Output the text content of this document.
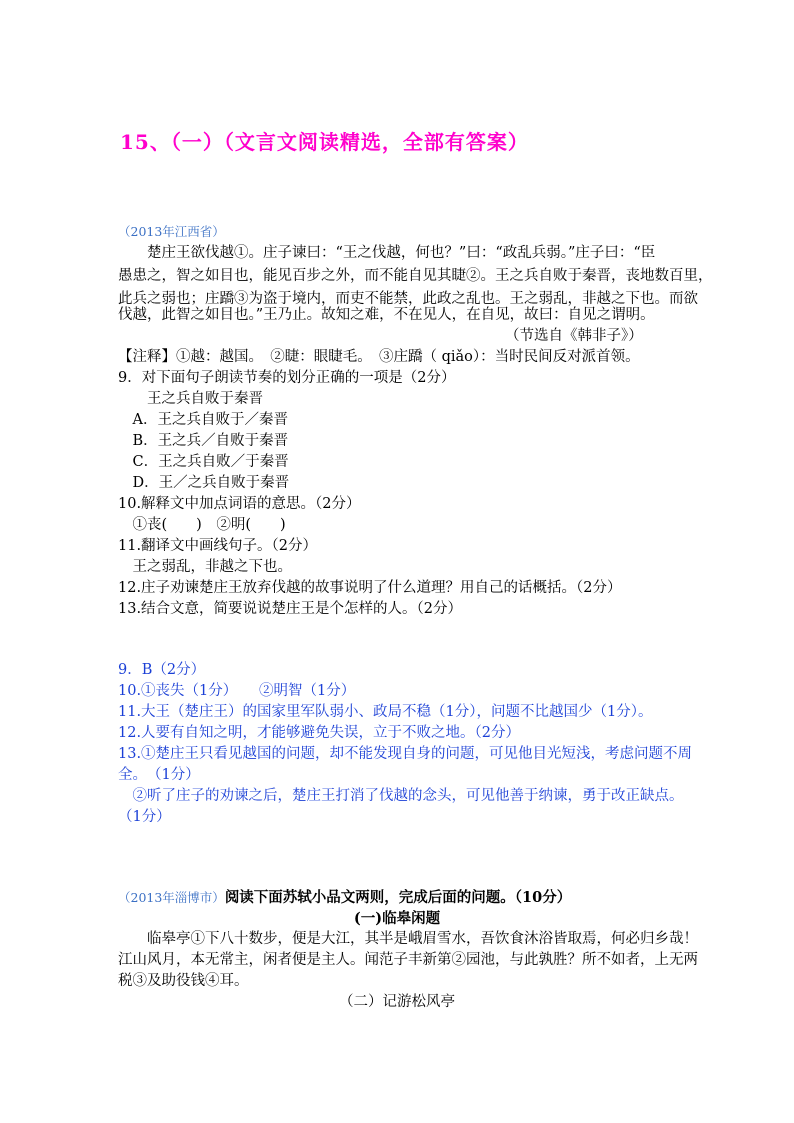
15、（一）（文言文阅读精选，全部有答案）
（2013年江西省）
　　楚庄王欲伐越①。庄子谏曰：“王之伐越，何也？”曰：“政乱兵弱。”庄子曰：“臣
愚患之，智之如目也，能见百步之外，而不能自见其睫②。王之兵自败于秦晋，丧地数百里，
此兵之弱也；庄蹻③为盗于境内，而吏不能禁，此政之乱也。王之弱乱，非越之下也。而欲
伐越，此智之如目也。”王乃止。故知之难，不在见人，在自见，故曰：自见之谓明。
（节选自《韩非子》）
【注释】①越：越国。　②睫：眼睫毛。　③庄蹻（ qiǎo）：当时民间反对派首领。
9．对下面句子朗读节奏的划分正确的一项是（2分）
　　王之兵自败于秦晋
　A．王之兵自败于／秦晋
　B．王之兵／自败于秦晋
　C．王之兵自败／于秦晋
　D．王／之兵自败于秦晋
10.解释文中加点词语的意思。（2分）
　①丧(　　)　②明(　　)
11.翻译文中画线句子。（2分）
　王之弱乱，非越之下也。
12.庄子劝谏楚庄王放弃伐越的故事说明了什么道理？用自己的话概括。（2分）
13.结合文意，简要说说楚庄王是个怎样的人。（2分）
9．B（2分）
10.①丧失（1分）　　②明智（1分）
11.大王（楚庄王）的国家里军队弱小、政局不稳（1分），问题不比越国少（1分）。
12.人要有自知之明，才能够避免失误，立于不败之地。（2分）
13.①楚庄王只看见越国的问题，却不能发现自身的问题，可见他目光短浅，考虑问题不周
全。　（1分）
　②听了庄子的劝谏之后，楚庄王打消了伐越的念头，可见他善于纳谏，勇于改正缺点。
（1分）
（2013年淄博市）阅读下面苏轼小品文两则，完成后面的问题。（10分）
(一)临皋闲题
　　临皋亭①下八十数步，便是大江，其半是峨眉雪水，吾饮食沐浴皆取焉，何必归乡哉！
江山风月，本无常主，闲者便是主人。闻范子丰新第②园池，与此孰胜？所不如者，上无两
税③及助役钱④耳。
（二）记游松风亭
